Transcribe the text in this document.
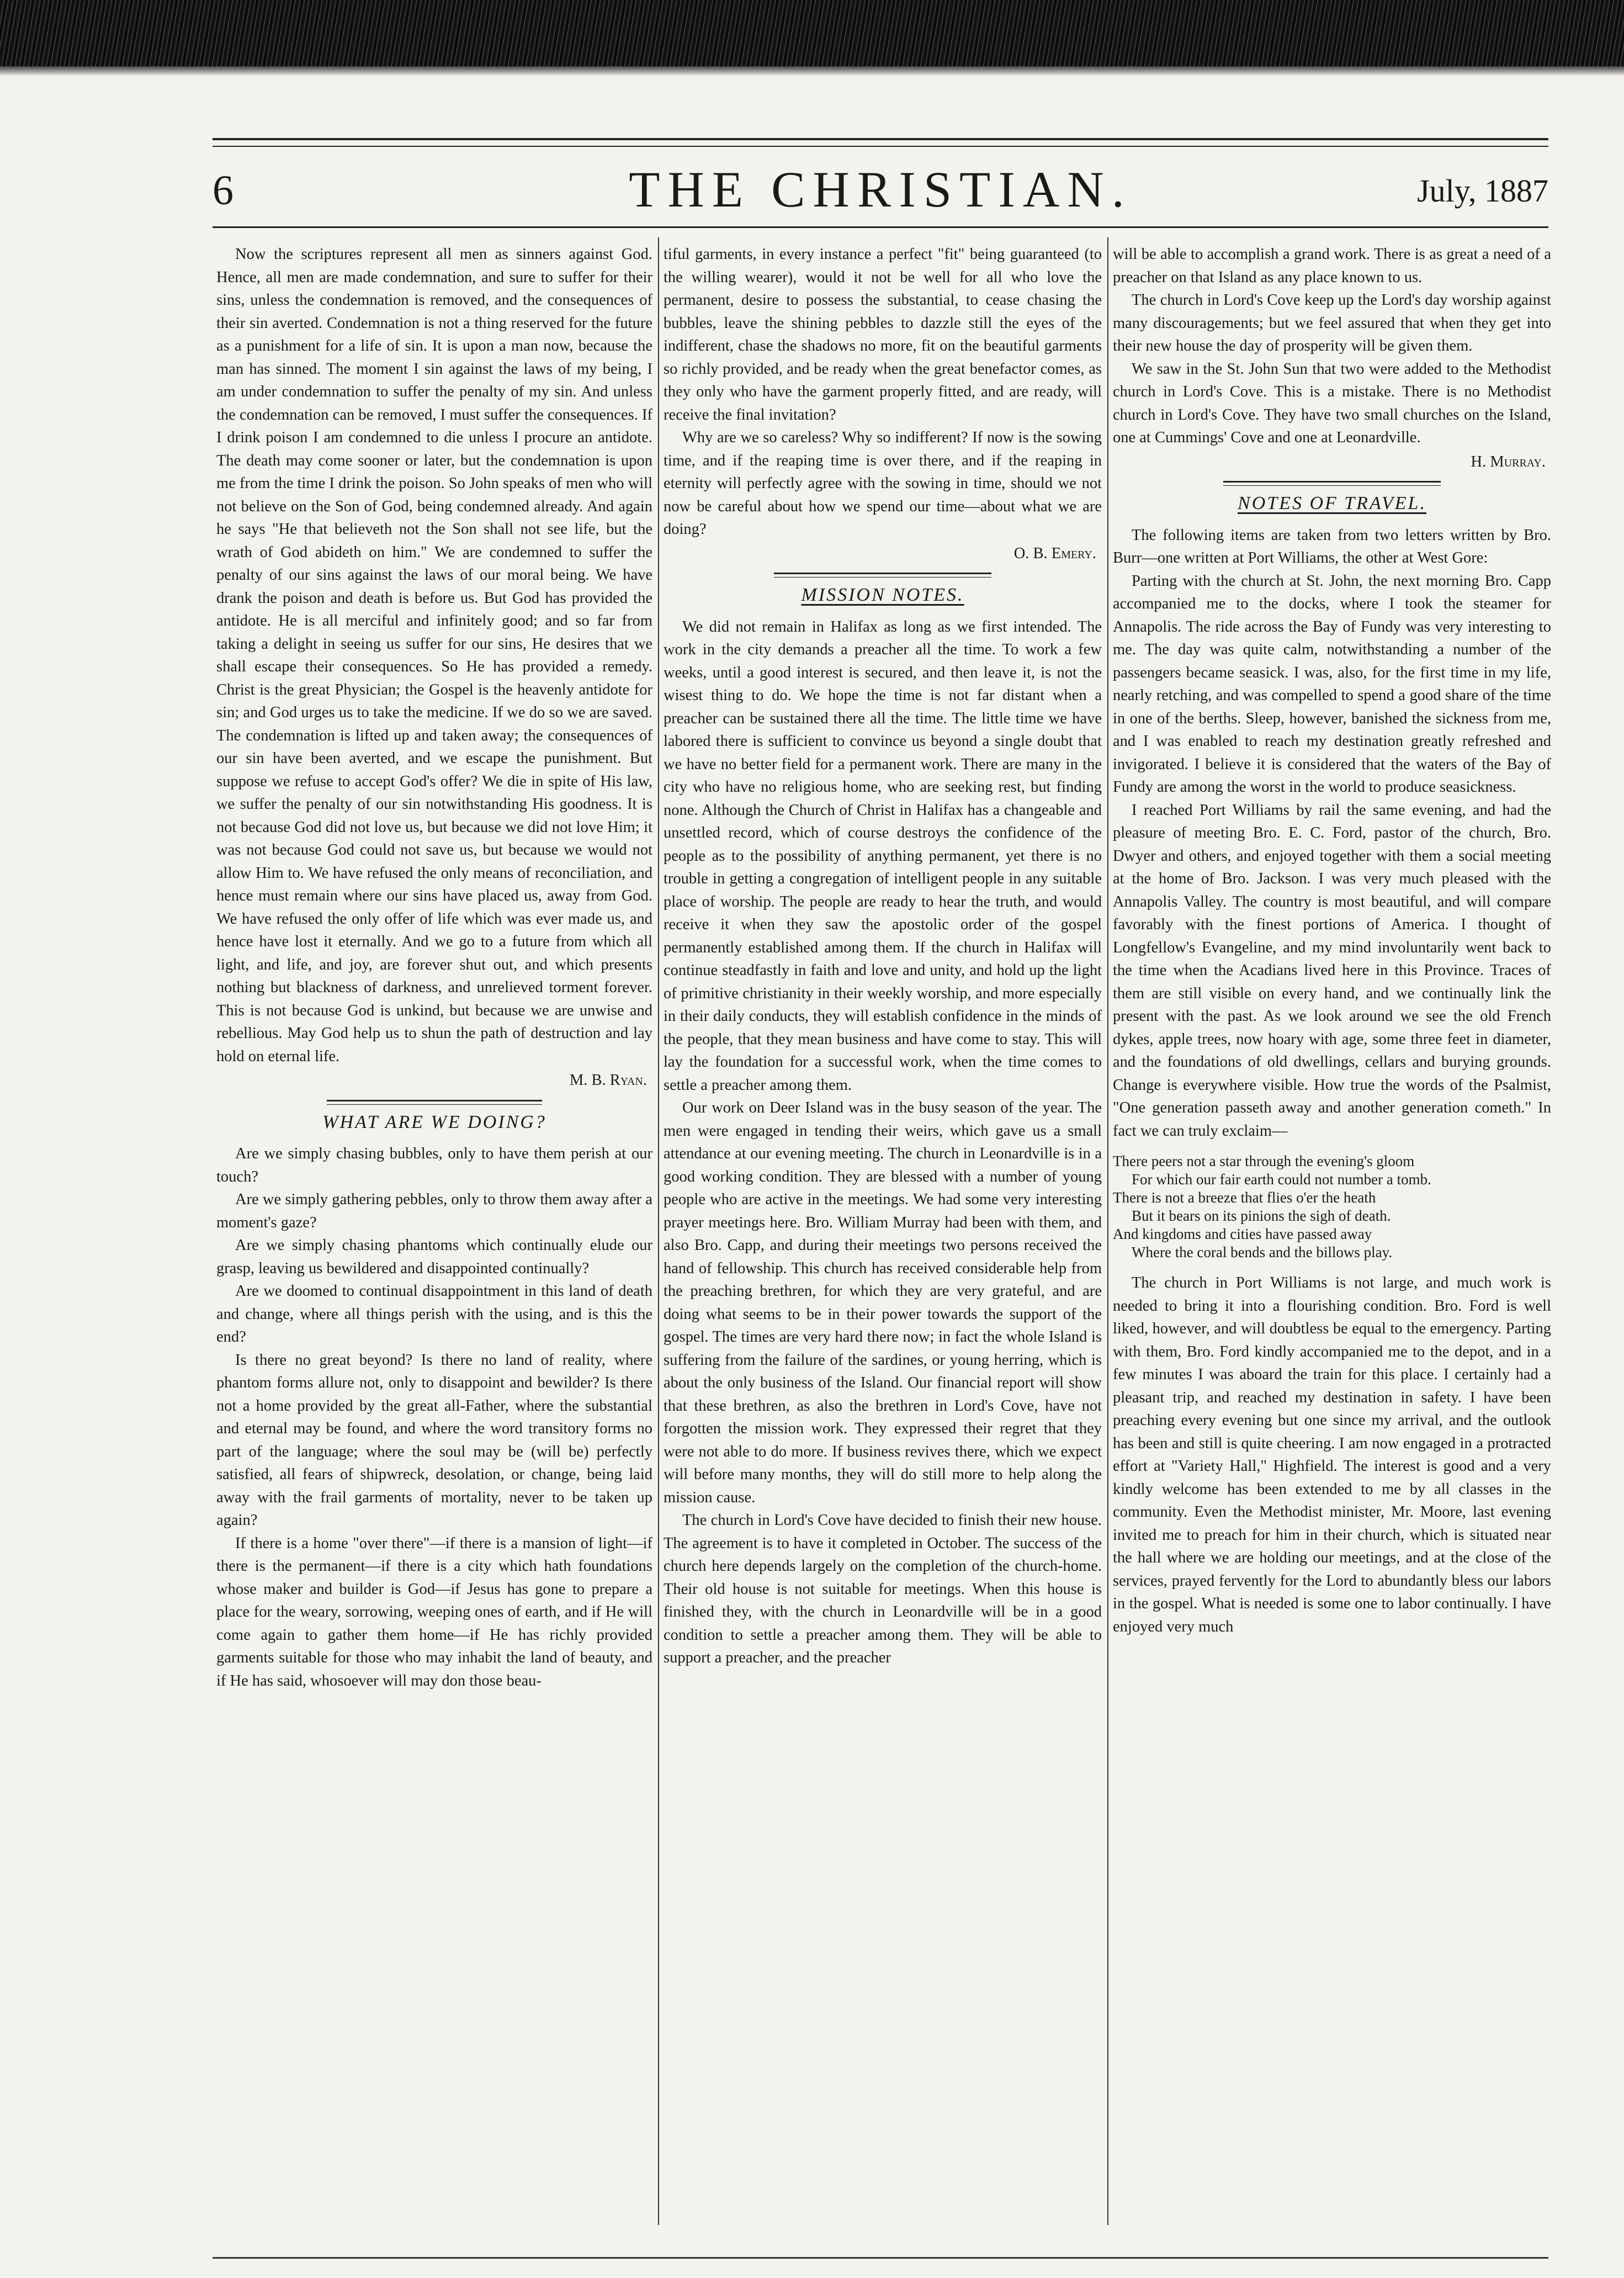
6	THE CHRISTIAN.	July, 1887

Now the scriptures represent all men as sinners against God. Hence, all men are made condemnation, and sure to suffer for their sins, unless the condemnation is removed, and the consequences of their sin averted. Condemnation is not a thing reserved for the future as a punishment for a life of sin. It is upon a man now, because the man has sinned. The moment I sin against the laws of my being, I am under condemnation to suffer the penalty of my sin. And unless the condemnation can be removed, I must suffer the consequences. If I drink poison I am condemned to die unless I procure an antidote. The death may come sooner or later, but the condemnation is upon me from the time I drink the poison. So John speaks of men who will not believe on the Son of God, being condemned already. And again he says "He that believeth not the Son shall not see life, but the wrath of God abideth on him." We are condemned to suffer the penalty of our sins against the laws of our moral being. We have drank the poison and death is before us. But God has provided the antidote. He is all merciful and infinitely good; and so far from taking a delight in seeing us suffer for our sins, He desires that we shall escape their consequences. So He has provided a remedy. Christ is the great Physician; the Gospel is the heavenly antidote for sin; and God urges us to take the medicine. If we do so we are saved. The condemnation is lifted up and taken away; the consequences of our sin have been averted, and we escape the punishment. But suppose we refuse to accept God's offer? We die in spite of His law, we suffer the penalty of our sin notwithstanding His goodness. It is not because God did not love us, but because we did not love Him; it was not because God could not save us, but because we would not allow Him to. We have refused the only means of reconciliation, and hence must remain where our sins have placed us, away from God. We have refused the only offer of life which was ever made us, and hence have lost it eternally. And we go to a future from which all light, and life, and joy, are forever shut out, and which presents nothing but blackness of darkness, and unrelieved torment forever. This is not because God is unkind, but because we are unwise and rebellious. May God help us to shun the path of destruction and lay hold on eternal life.

M. B. Ryan.
WHAT ARE WE DOING?

Are we simply chasing bubbles, only to have them perish at our touch?

Are we simply gathering pebbles, only to throw them away after a moment's gaze?

Are we simply chasing phantoms which continually elude our grasp, leaving us bewildered and disappointed continually?

Are we doomed to continual disappointment in this land of death and change, where all things perish with the using, and is this the end?

Is there no great beyond? Is there no land of reality, where phantom forms allure not, only to disappoint and bewilder? Is there not a home provided by the great all-Father, where the substantial and eternal may be found, and where the word transitory forms no part of the language; where the soul may be (will be) perfectly satisfied, all fears of shipwreck, desolation, or change, being laid away with the frail garments of mortality, never to be taken up again?

If there is a home "over there"—if there is a mansion of light—if there is the permanent—if there is a city which hath foundations whose maker and builder is God—if Jesus has gone to prepare a place for the weary, sorrowing, weeping ones of earth, and if He will come again to gather them home—if He has richly provided garments suitable for those who may inhabit the land of beauty, and if He has said, whosoever will may don those beau-

tiful garments, in every instance a perfect "fit" being guaranteed (to the willing wearer), would it not be well for all who love the permanent, desire to possess the substantial, to cease chasing the bubbles, leave the shining pebbles to dazzle still the eyes of the indifferent, chase the shadows no more, fit on the beautiful garments so richly provided, and be ready when the great benefactor comes, as they only who have the garment properly fitted, and are ready, will receive the final invitation?

Why are we so careless? Why so indifferent? If now is the sowing time, and if the reaping time is over there, and if the reaping in eternity will perfectly agree with the sowing in time, should we not now be careful about how we spend our time—about what we are doing?

O. B. Emery.
MISSION NOTES.

We did not remain in Halifax as long as we first intended. The work in the city demands a preacher all the time. To work a few weeks, until a good interest is secured, and then leave it, is not the wisest thing to do. We hope the time is not far distant when a preacher can be sustained there all the time. The little time we have labored there is sufficient to convince us beyond a single doubt that we have no better field for a permanent work. There are many in the city who have no religious home, who are seeking rest, but finding none. Although the Church of Christ in Halifax has a changeable and unsettled record, which of course destroys the confidence of the people as to the possibility of anything permanent, yet there is no trouble in getting a congregation of intelligent people in any suitable place of worship. The people are ready to hear the truth, and would receive it when they saw the apostolic order of the gospel permanently established among them. If the church in Halifax will continue steadfastly in faith and love and unity, and hold up the light of primitive christianity in their weekly worship, and more especially in their daily conducts, they will establish confidence in the minds of the people, that they mean business and have come to stay. This will lay the foundation for a successful work, when the time comes to settle a preacher among them.

Our work on Deer Island was in the busy season of the year. The men were engaged in tending their weirs, which gave us a small attendance at our evening meeting. The church in Leonardville is in a good working condition. They are blessed with a number of young people who are active in the meetings. We had some very interesting prayer meetings here. Bro. William Murray had been with them, and also Bro. Capp, and during their meetings two persons received the hand of fellowship. This church has received considerable help from the preaching brethren, for which they are very grateful, and are doing what seems to be in their power towards the support of the gospel. The times are very hard there now; in fact the whole Island is suffering from the failure of the sardines, or young herring, which is about the only business of the Island. Our financial report will show that these brethren, as also the brethren in Lord's Cove, have not forgotten the mission work. They expressed their regret that they were not able to do more. If business revives there, which we expect will before many months, they will do still more to help along the mission cause.

The church in Lord's Cove have decided to finish their new house. The agreement is to have it completed in October. The success of the church here depends largely on the completion of the church-home. Their old house is not suitable for meetings. When this house is finished they, with the church in Leonardville will be in a good condition to settle a preacher among them. They will be able to support a preacher, and the preacher

will be able to accomplish a grand work. There is as great a need of a preacher on that Island as any place known to us.

The church in Lord's Cove keep up the Lord's day worship against many discouragements; but we feel assured that when they get into their new house the day of prosperity will be given them.

We saw in the St. John Sun that two were added to the Methodist church in Lord's Cove. This is a mistake. There is no Methodist church in Lord's Cove. They have two small churches on the Island, one at Cummings' Cove and one at Leonardville.

H. Murray.
NOTES OF TRAVEL.

The following items are taken from two letters written by Bro. Burr—one written at Port Williams, the other at West Gore:

Parting with the church at St. John, the next morning Bro. Capp accompanied me to the docks, where I took the steamer for Annapolis. The ride across the Bay of Fundy was very interesting to me. The day was quite calm, notwithstanding a number of the passengers became seasick. I was, also, for the first time in my life, nearly retching, and was compelled to spend a good share of the time in one of the berths. Sleep, however, banished the sickness from me, and I was enabled to reach my destination greatly refreshed and invigorated. I believe it is considered that the waters of the Bay of Fundy are among the worst in the world to produce seasickness.

I reached Port Williams by rail the same evening, and had the pleasure of meeting Bro. E. C. Ford, pastor of the church, Bro. Dwyer and others, and enjoyed together with them a social meeting at the home of Bro. Jackson. I was very much pleased with the Annapolis Valley. The country is most beautiful, and will compare favorably with the finest portions of America. I thought of Longfellow's Evangeline, and my mind involuntarily went back to the time when the Acadians lived here in this Province. Traces of them are still visible on every hand, and we continually link the present with the past. As we look around we see the old French dykes, apple trees, now hoary with age, some three feet in diameter, and the foundations of old dwellings, cellars and burying grounds. Change is everywhere visible. How true the words of the Psalmist, "One generation passeth away and another generation cometh." In fact we can truly exclaim—

There peers not a star through the evening's gloom
For which our fair earth could not number a tomb.
There is not a breeze that flies o'er the heath
But it bears on its pinions the sigh of death.
And kingdoms and cities have passed away
Where the coral bends and the billows play.

The church in Port Williams is not large, and much work is needed to bring it into a flourishing condition. Bro. Ford is well liked, however, and will doubtless be equal to the emergency. Parting with them, Bro. Ford kindly accompanied me to the depot, and in a few minutes I was aboard the train for this place. I certainly had a pleasant trip, and reached my destination in safety. I have been preaching every evening but one since my arrival, and the outlook has been and still is quite cheering. I am now engaged in a protracted effort at "Variety Hall," Highfield. The interest is good and a very kindly welcome has been extended to me by all classes in the community. Even the Methodist minister, Mr. Moore, last evening invited me to preach for him in their church, which is situated near the hall where we are holding our meetings, and at the close of the services, prayed fervently for the Lord to abundantly bless our labors in the gospel. What is needed is some one to labor continually. I have enjoyed very much
